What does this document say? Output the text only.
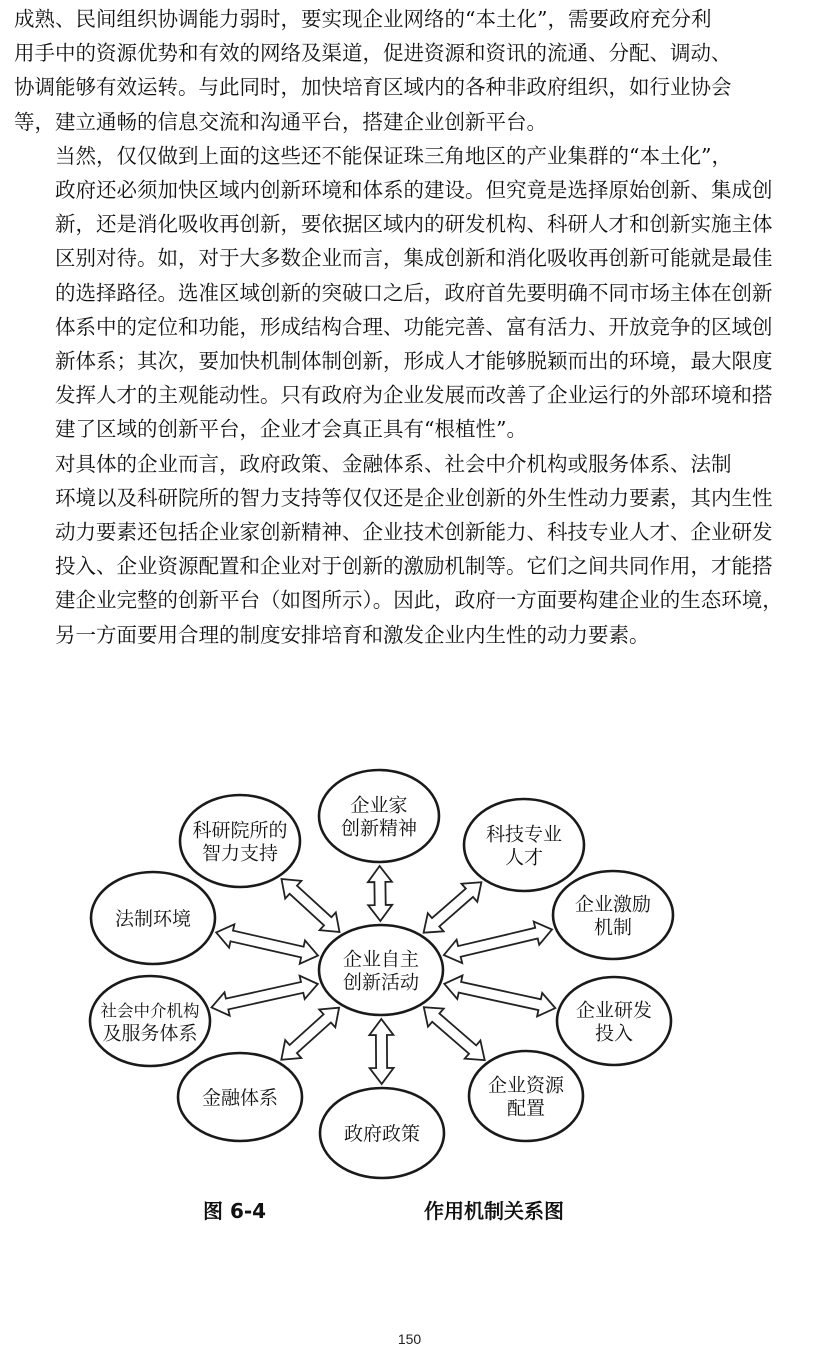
成熟、民间组织协调能力弱时，要实现企业网络的“本土化”，需要政府充分利
用手中的资源优势和有效的网络及渠道，促进资源和资讯的流通、分配、调动、
协调能够有效运转。与此同时，加快培育区域内的各种非政府组织，如行业协会
等，建立通畅的信息交流和沟通平台，搭建企业创新平台。
当然，仅仅做到上面的这些还不能保证珠三角地区的产业集群的“本土化”，
政府还必须加快区域内创新环境和体系的建设。但究竟是选择原始创新、集成创
新，还是消化吸收再创新，要依据区域内的研发机构、科研人才和创新实施主体
区别对待。如，对于大多数企业而言，集成创新和消化吸收再创新可能就是最佳
的选择路径。选准区域创新的突破口之后，政府首先要明确不同市场主体在创新
体系中的定位和功能，形成结构合理、功能完善、富有活力、开放竞争的区域创
新体系；其次，要加快机制体制创新，形成人才能够脱颖而出的环境，最大限度
发挥人才的主观能动性。只有政府为企业发展而改善了企业运行的外部环境和搭
建了区域的创新平台，企业才会真正具有“根植性”。
对具体的企业而言，政府政策、金融体系、社会中介机构或服务体系、法制
环境以及科研院所的智力支持等仅仅还是企业创新的外生性动力要素，其内生性
动力要素还包括企业家创新精神、企业技术创新能力、科技专业人才、企业研发
投入、企业资源配置和企业对于创新的激励机制等。它们之间共同作用，才能搭
建企业完整的创新平台（如图所示）。因此，政府一方面要构建企业的生态环境，
另一方面要用合理的制度安排培育和激发企业内生性的动力要素。
企业自主
创新活动
企业家
创新精神	科技专业
人才
企业激励
机制
企业研发
投入
企业资源
配置
政府政策
金融体系
社会中介机构
及服务体系
法制环境
科研院所的
智力支持
图 6-4	作用机制关系图
150
